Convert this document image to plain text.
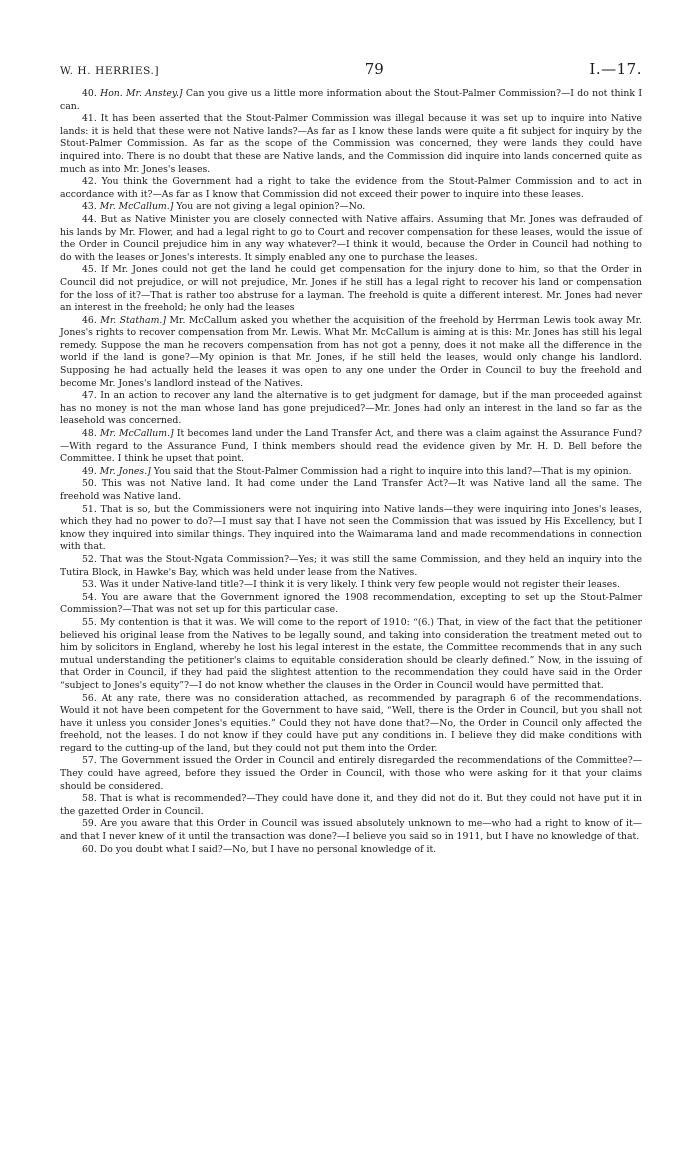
W. H. HERRIES.]	79	I.—17.

40. Hon. Mr. Anstey.] Can you give us a little more information about the Stout-Palmer Commission?—I do not think I can.

41. It has been asserted that the Stout-Palmer Commission was illegal because it was set up to inquire into Native lands: it is held that these were not Native lands?—As far as I know these lands were quite a fit subject for inquiry by the Stout-Palmer Commission. As far as the scope of the Commission was concerned, they were lands they could have inquired into. There is no doubt that these are Native lands, and the Commission did inquire into lands concerned quite as much as into Mr. Jones's leases.

42. You think the Government had a right to take the evidence from the Stout-Palmer Commission and to act in accordance with it?—As far as I know that Commission did not exceed their power to inquire into these leases.

43. Mr. McCallum.] You are not giving a legal opinion?—No.

44. But as Native Minister you are closely connected with Native affairs. Assuming that Mr. Jones was defrauded of his lands by Mr. Flower, and had a legal right to go to Court and recover compensation for these leases, would the issue of the Order in Council prejudice him in any way whatever?—I think it would, because the Order in Council had nothing to do with the leases or Jones's interests. It simply enabled any one to purchase the leases.

45. If Mr. Jones could not get the land he could get compensation for the injury done to him, so that the Order in Council did not prejudice, or will not prejudice, Mr. Jones if he still has a legal right to recover his land or compensation for the loss of it?—That is rather too abstruse for a layman. The freehold is quite a different interest. Mr. Jones had never an interest in the freehold; he only had the leases

46. Mr. Statham.] Mr. McCallum asked you whether the acquisition of the freehold by Herrman Lewis took away Mr. Jones's rights to recover compensation from Mr. Lewis. What Mr. McCallum is aiming at is this: Mr. Jones has still his legal remedy. Suppose the man he recovers compensation from has not got a penny, does it not make all the difference in the world if the land is gone?—My opinion is that Mr. Jones, if he still held the leases, would only change his landlord. Supposing he had actually held the leases it was open to any one under the Order in Council to buy the freehold and become Mr. Jones's landlord instead of the Natives.

47. In an action to recover any land the alternative is to get judgment for damage, but if the man proceeded against has no money is not the man whose land has gone prejudiced?—Mr. Jones had only an interest in the land so far as the leasehold was concerned.

48. Mr. McCallum.] It becomes land under the Land Transfer Act, and there was a claim against the Assurance Fund?—With regard to the Assurance Fund, I think members should read the evidence given by Mr. H. D. Bell before the Committee. I think he upset that point.

49. Mr. Jones.] You said that the Stout-Palmer Commission had a right to inquire into this land?—That is my opinion.

50. This was not Native land. It had come under the Land Transfer Act?—It was Native land all the same. The freehold was Native land.

51. That is so, but the Commissioners were not inquiring into Native lands—they were inquiring into Jones's leases, which they had no power to do?—I must say that I have not seen the Commission that was issued by His Excellency, but I know they inquired into similar things. They inquired into the Waimarama land and made recommendations in connection with that.

52. That was the Stout-Ngata Commission?—Yes; it was still the same Commission, and they held an inquiry into the Tutira Block, in Hawke's Bay, which was held under lease from the Natives.

53. Was it under Native-land title?—I think it is very likely. I think very few people would not register their leases.

54. You are aware that the Government ignored the 1908 recommendation, excepting to set up the Stout-Palmer Commission?—That was not set up for this particular case.

55. My contention is that it was. We will come to the report of 1910: “(6.) That, in view of the fact that the petitioner believed his original lease from the Natives to be legally sound, and taking into consideration the treatment meted out to him by solicitors in England, whereby he lost his legal interest in the estate, the Committee recommends that in any such mutual understanding the petitioner's claims to equitable consideration should be clearly defined.” Now, in the issuing of that Order in Council, if they had paid the slightest attention to the recommendation they could have said in the Order “subject to Jones's equity”?—I do not know whether the clauses in the Order in Council would have permitted that.

56. At any rate, there was no consideration attached, as recommended by paragraph 6 of the recommendations. Would it not have been competent for the Government to have said, “Well, there is the Order in Council, but you shall not have it unless you consider Jones's equities.” Could they not have done that?—No, the Order in Council only affected the freehold, not the leases. I do not know if they could have put any conditions in. I believe they did make conditions with regard to the cutting-up of the land, but they could not put them into the Order.

57. The Government issued the Order in Council and entirely disregarded the recommendations of the Committee?—They could have agreed, before they issued the Order in Council, with those who were asking for it that your claims should be considered.

58. That is what is recommended?—They could have done it, and they did not do it. But they could not have put it in the gazetted Order in Council.

59. Are you aware that this Order in Council was issued absolutely unknown to me—who had a right to know of it—and that I never knew of it until the transaction was done?—I believe you said so in 1911, but I have no knowledge of that.

60. Do you doubt what I said?—No, but I have no personal knowledge of it.
